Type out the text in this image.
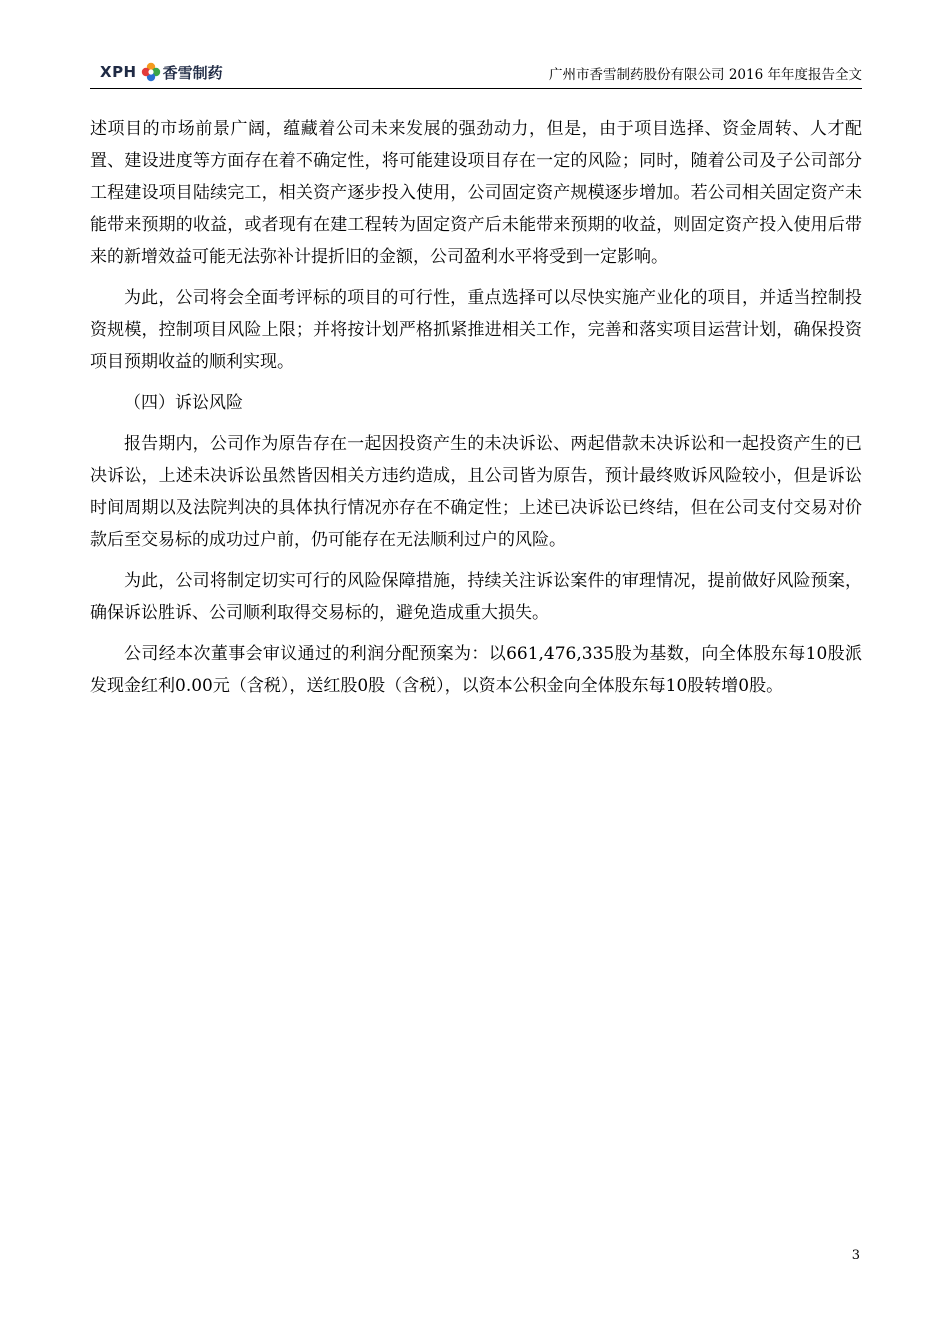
XPH 香雪制药	广州市香雪制药股份有限公司 2016 年年度报告全文

述项目的市场前景广阔，蕴藏着公司未来发展的强劲动力，但是，由于项目选择、资金周转、人才配置、建设进度等方面存在着不确定性，将可能建设项目存在一定的风险；同时，随着公司及子公司部分工程建设项目陆续完工，相关资产逐步投入使用，公司固定资产规模逐步增加。若公司相关固定资产未能带来预期的收益，或者现有在建工程转为固定资产后未能带来预期的收益，则固定资产投入使用后带来的新增效益可能无法弥补计提折旧的金额，公司盈利水平将受到一定影响。

为此，公司将会全面考评标的项目的可行性，重点选择可以尽快实施产业化的项目，并适当控制投资规模，控制项目风险上限；并将按计划严格抓紧推进相关工作，完善和落实项目运营计划，确保投资项目预期收益的顺利实现。

（四）诉讼风险

报告期内，公司作为原告存在一起因投资产生的未决诉讼、两起借款未决诉讼和一起投资产生的已决诉讼，上述未决诉讼虽然皆因相关方违约造成，且公司皆为原告，预计最终败诉风险较小，但是诉讼时间周期以及法院判决的具体执行情况亦存在不确定性；上述已决诉讼已终结，但在公司支付交易对价款后至交易标的成功过户前，仍可能存在无法顺利过户的风险。

为此，公司将制定切实可行的风险保障措施，持续关注诉讼案件的审理情况，提前做好风险预案，确保诉讼胜诉、公司顺利取得交易标的，避免造成重大损失。

公司经本次董事会审议通过的利润分配预案为：以661,476,335股为基数，向全体股东每10股派发现金红利0.00元（含税），送红股0股（含税），以资本公积金向全体股东每10股转增0股。

3
